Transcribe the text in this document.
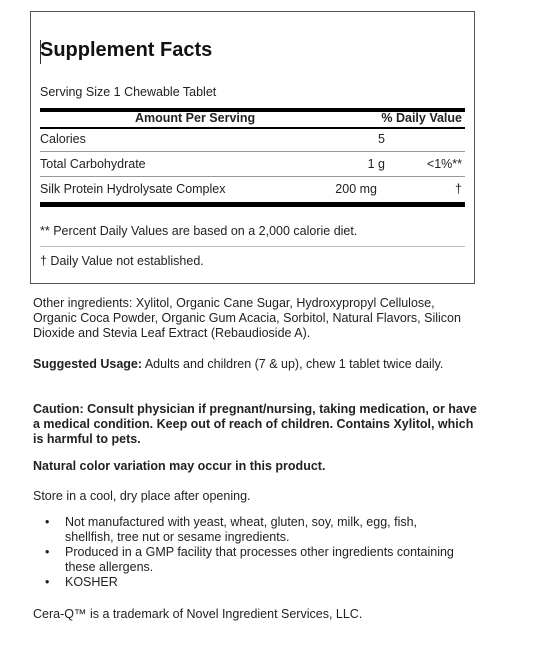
Supplement Facts
Serving Size 1 Chewable Tablet
Amount Per Serving	% Daily Value
Calories	5
Total Carbohydrate	1 g	<1%**
Silk Protein Hydrolysate Complex	200 mg	†
** Percent Daily Values are based on a 2,000 calorie diet.
† Daily Value not established.
Other ingredients: Xylitol, Organic Cane Sugar, Hydroxypropyl Cellulose, Organic Coca Powder, Organic Gum Acacia, Sorbitol, Natural Flavors, Silicon Dioxide and Stevia Leaf Extract (Rebaudioside A).
Suggested Usage: Adults and children (7 & up), chew 1 tablet twice daily.
Caution: Consult physician if pregnant/nursing, taking medication, or have a medical condition. Keep out of reach of children. Contains Xylitol, which is harmful to pets.
Natural color variation may occur in this product.
Store in a cool, dry place after opening.
• Not manufactured with yeast, wheat, gluten, soy, milk, egg, fish, shellfish, tree nut or sesame ingredients.
• Produced in a GMP facility that processes other ingredients containing these allergens.
• KOSHER
Cera-Q™ is a trademark of Novel Ingredient Services, LLC.
